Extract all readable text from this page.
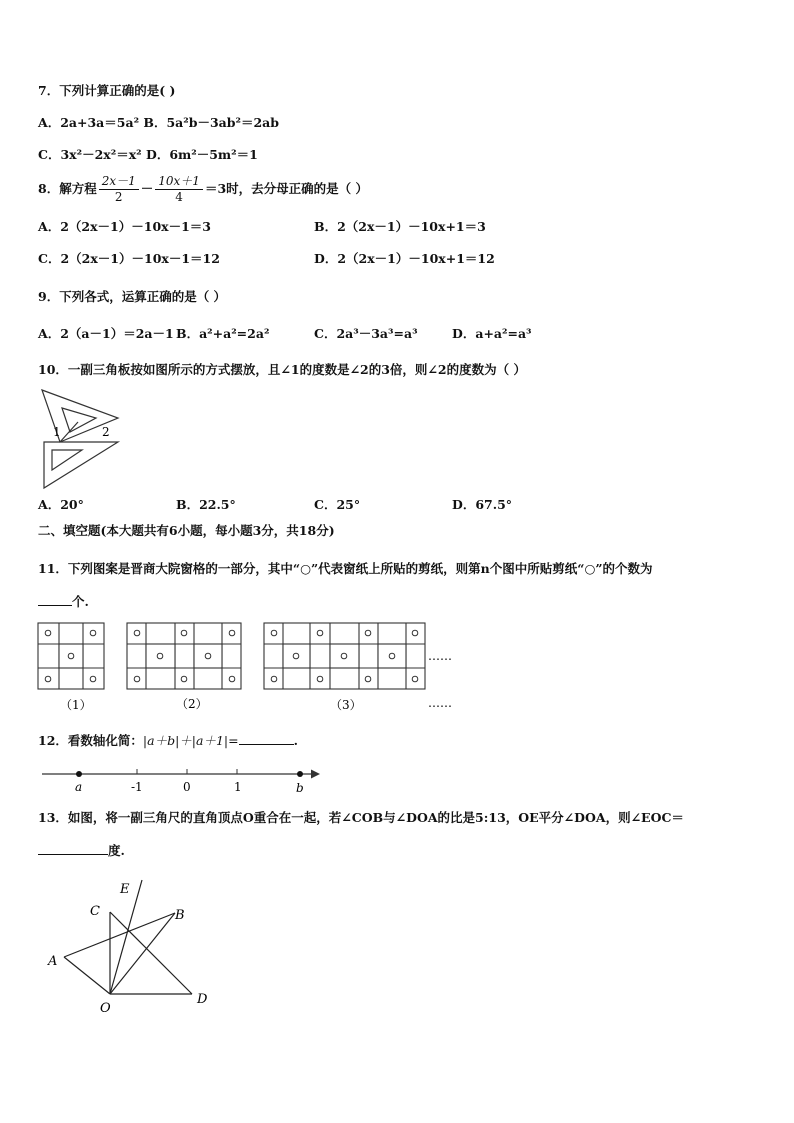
7．下列计算正确的是( )
A．2a+3a＝5a² B．5a²b－3ab²＝2ab
C．3x²－2x²＝x² D．6m²－5m²＝1
8．解方程 $\frac{2x-1}{2} - \frac{10x+1}{4} =3$时，去分母正确的是（ ）
A．2（2x－1）－10x－1＝3	B．2（2x－1）－10x+1＝3
C．2（2x－1）－10x－1＝12	D．2（2x－1）－10x+1＝12
9．下列各式，运算正确的是（ ）
A．2（a－1）＝2a－1 B．a²+a²=2a²	C．2a³－3a³=a³	D．a+a²=a³
10．一副三角板按如图所示的方式摆放，且∠1的度数是∠2的3倍，则∠2的度数为（ ）
1	2
A．20°	B．22.5°	C．25°	D．67.5°
二、填空题(本大题共有6小题，每小题3分，共18分)
11．下列图案是晋商大院窗格的一部分，其中“○”代表窗纸上所贴的剪纸，则第n个图中所贴剪纸“○”的个数为
个.
……
……
（1）	（2）	（3）
12．看数轴化简：|a＋b|＋|a＋1|=	.
a	-1	0	1	b
13．如图，将一副三角尺的直角顶点O重合在一起，若∠COB与∠DOA的比是5:13，OE平分∠DOA，则∠EOC＝
度.
E
C	B
A
O
D
